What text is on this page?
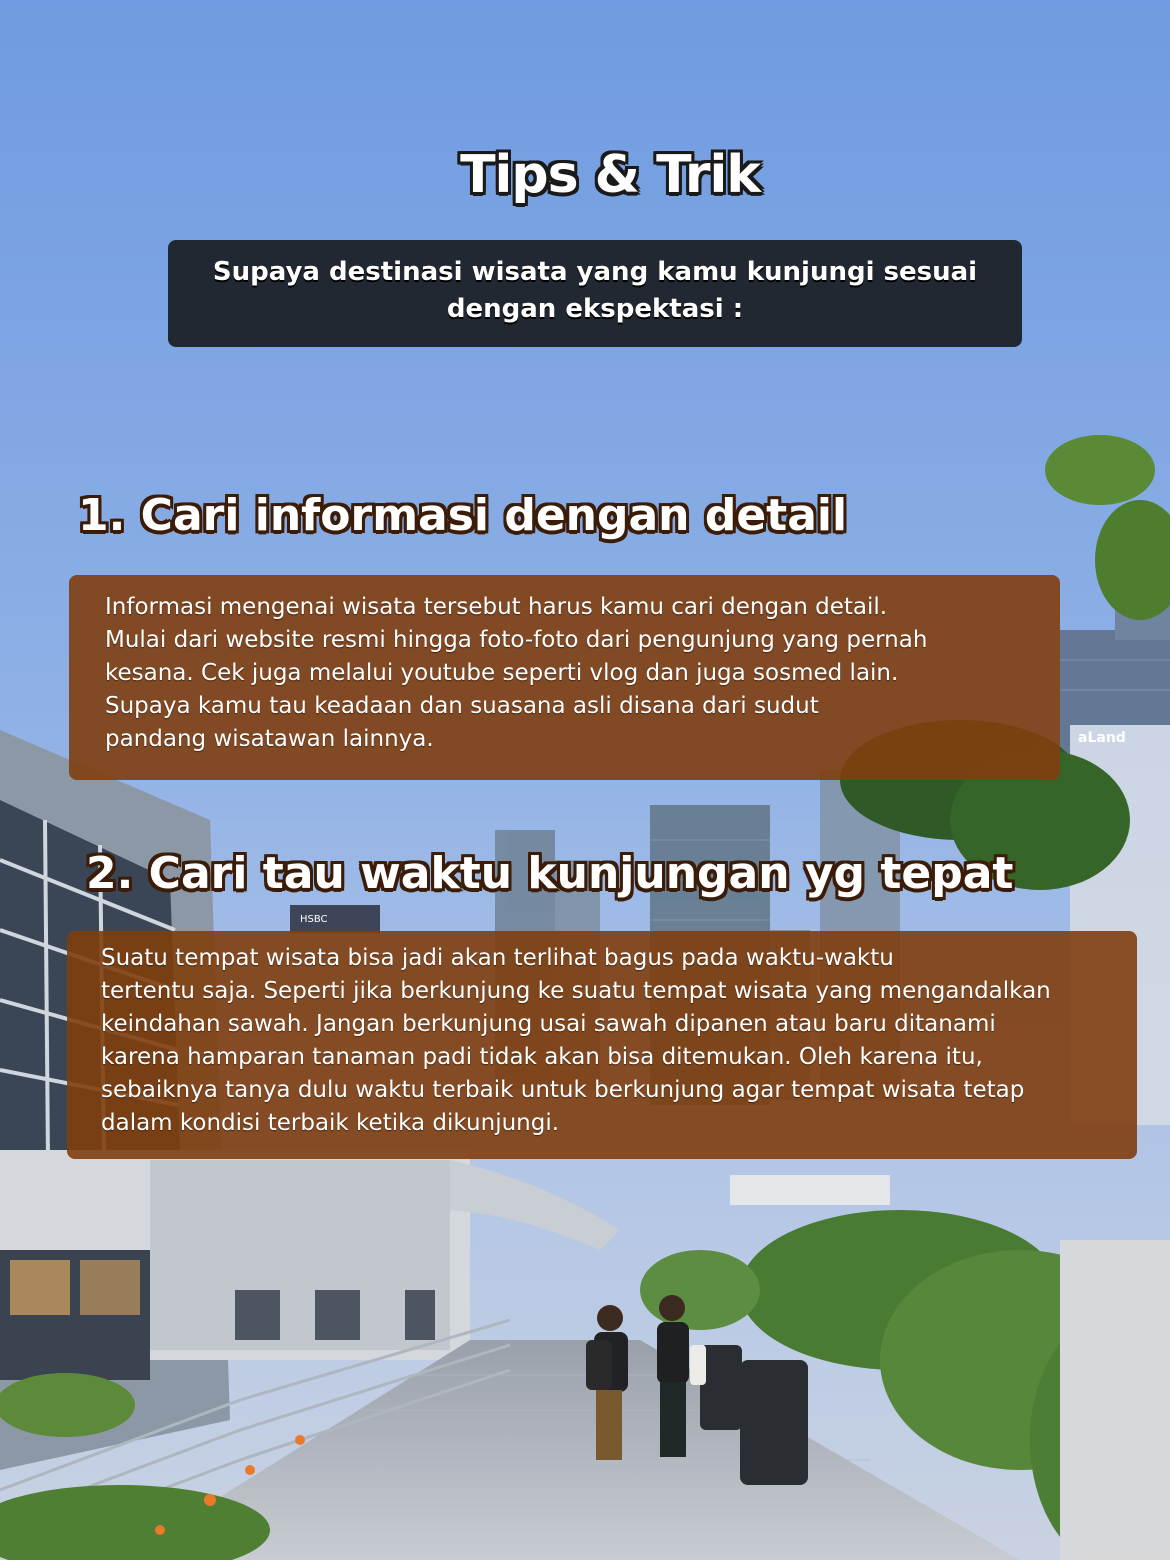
HSBC
aLand
Tips & Trik

Supaya destinasi wisata yang kamu kunjungi sesuai

dengan ekspektasi :

1. Cari informasi dengan detail

Informasi mengenai wisata tersebut harus kamu cari dengan detail.

Mulai dari website resmi hingga foto-foto dari pengunjung yang pernah

kesana. Cek juga melalui youtube seperti vlog dan juga sosmed lain.

Supaya kamu tau keadaan dan suasana asli disana dari sudut

pandang wisatawan lainnya.

2. Cari tau waktu kunjungan yg tepat

Suatu tempat wisata bisa jadi akan terlihat bagus pada waktu-waktu

tertentu saja. Seperti jika berkunjung ke suatu tempat wisata yang mengandalkan

keindahan sawah. Jangan berkunjung usai sawah dipanen atau baru ditanami

karena hamparan tanaman padi tidak akan bisa ditemukan. Oleh karena itu,

sebaiknya tanya dulu waktu terbaik untuk berkunjung agar tempat wisata tetap

dalam kondisi terbaik ketika dikunjungi.
